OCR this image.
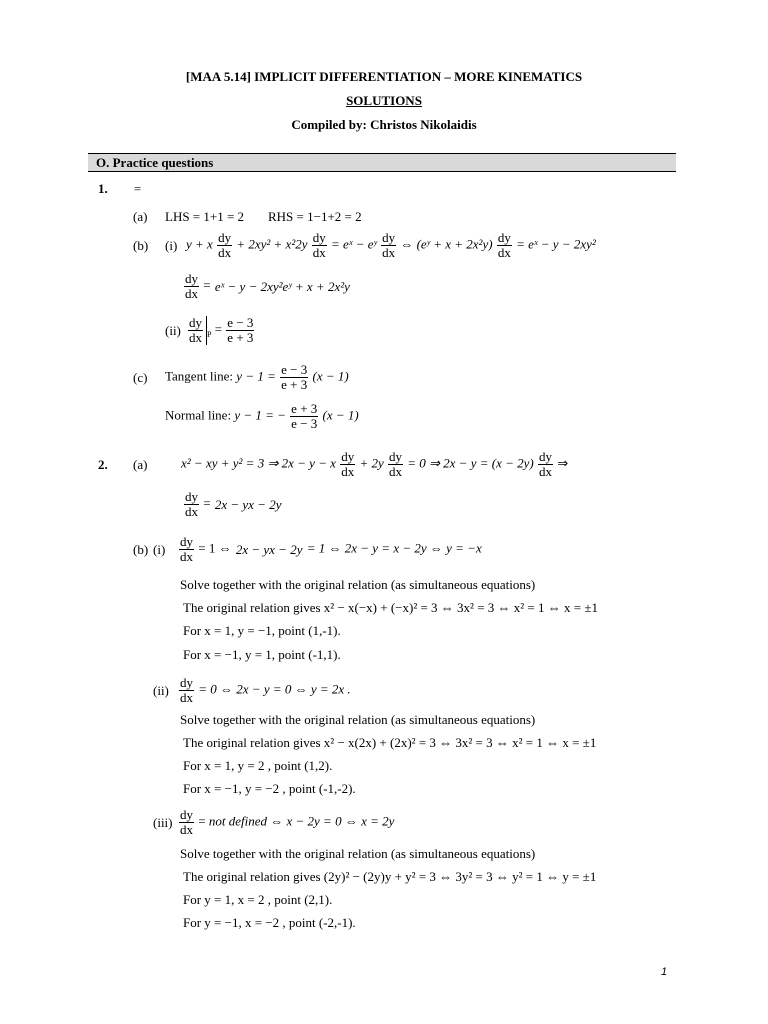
[MAA 5.14] IMPLICIT DIFFERENTIATION – MORE KINEMATICS
SOLUTIONS
Compiled by: Christos Nikolaidis
O. Practice questions
1. =
(a) LHS = 1+1 = 2 RHS = 1−1+2 = 2
(b) (i) y + x $\frac{dy}{dx} + 2xy^2 + x^22y \frac{dy}{dx}$ = eˣ − eʸ $\frac{dy}{dx}$ ⇔ (eʸ + $x + 2x^2y) \frac{dy}{dx}$ = eˣ − y − 2xy²
$\frac{dy}{dx}$ = eˣ − y − 2xy²eʸ + x + 2x²y
$(ii) \frac{dy}{dx} _P = \frac{e - 3}{e + 3}$
(c) Tangent line: $y - 1 = \frac{e - 3}{e + 3} (x - 1)$
Normal line: y − 1 = − $\frac{e + 3}{e - 3} (x - 1)$
2. (a)	x² − xy + y² = 3 ⇒ 2x − y − x $\frac{dy}{dx} + 2y \frac{dy}{dx} = 0$ ⇒ $2x - y = (x - 2y) \frac{dy}{dx}$ ⇒
$\frac{dy}{dx} = 2x$ − yx − 2y
(b) $(i) \frac{dy}{dx} = 1$ ⇔ 2x − yx − 2y = 1 ⇔ 2x − y = x − 2y ⇔ y = −x
Solve together with the original relation (as simultaneous equations)
The original relation gives x² − x(−x) + (−x)² = 3 ⇔ 3x² = 3 ⇔ x² = 1 ⇔ x = ±1
For x = 1, y = −1, point (1,-1).
For x = −1, y = 1, point (-1,1).
$(ii) \frac{dy}{dx} = 0$ ⇔ 2x − y = 0 ⇔ y = 2x .
Solve together with the original relation (as simultaneous equations)
The original relation gives x² − x(2x) + (2x)² = 3 ⇔ 3x² = 3 ⇔ x² = 1 ⇔ x = ±1
For x = 1, y = 2 , point (1,2).
For x = −1, y = −2 , point (-1,-2).
$(iii) \frac{dy}{dx}$ = not defined ⇔ x − 2y = 0 ⇔ x = 2y
Solve together with the original relation (as simultaneous equations)
The original relation gives (2y)² − (2y)y + y² = 3 ⇔ 3y² = 3 ⇔ y² = 1 ⇔ y = ±1
For y = 1, x = 2 , point (2,1).
For y = −1, x = −2 , point (-2,-1).
1
